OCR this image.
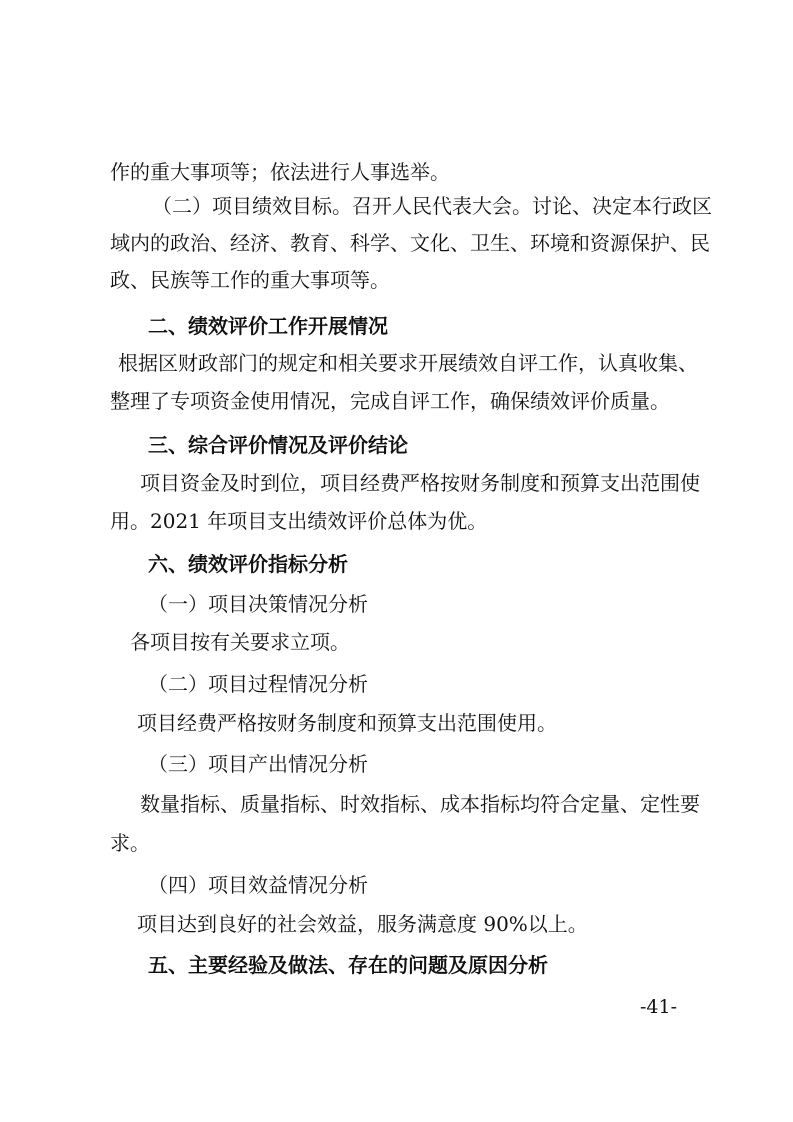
作的重大事项等；依法进行人事选举。
（二）项目绩效目标。召开人民代表大会。讨论、决定本行政区
域内的政治、经济、教育、科学、文化、卫生、环境和资源保护、民
政、民族等工作的重大事项等。
二、绩效评价工作开展情况
根据区财政部门的规定和相关要求开展绩效自评工作，认真收集、
整理了专项资金使用情况，完成自评工作，确保绩效评价质量。
三、综合评价情况及评价结论
项目资金及时到位，项目经费严格按财务制度和预算支出范围使
用。2021 年项目支出绩效评价总体为优。
六、绩效评价指标分析
（一）项目决策情况分析
各项目按有关要求立项。
（二）项目过程情况分析
项目经费严格按财务制度和预算支出范围使用。
（三）项目产出情况分析
数量指标、质量指标、时效指标、成本指标均符合定量、定性要
求。
（四）项目效益情况分析
项目达到良好的社会效益，服务满意度 90%以上。
五、主要经验及做法、存在的问题及原因分析
-41-
